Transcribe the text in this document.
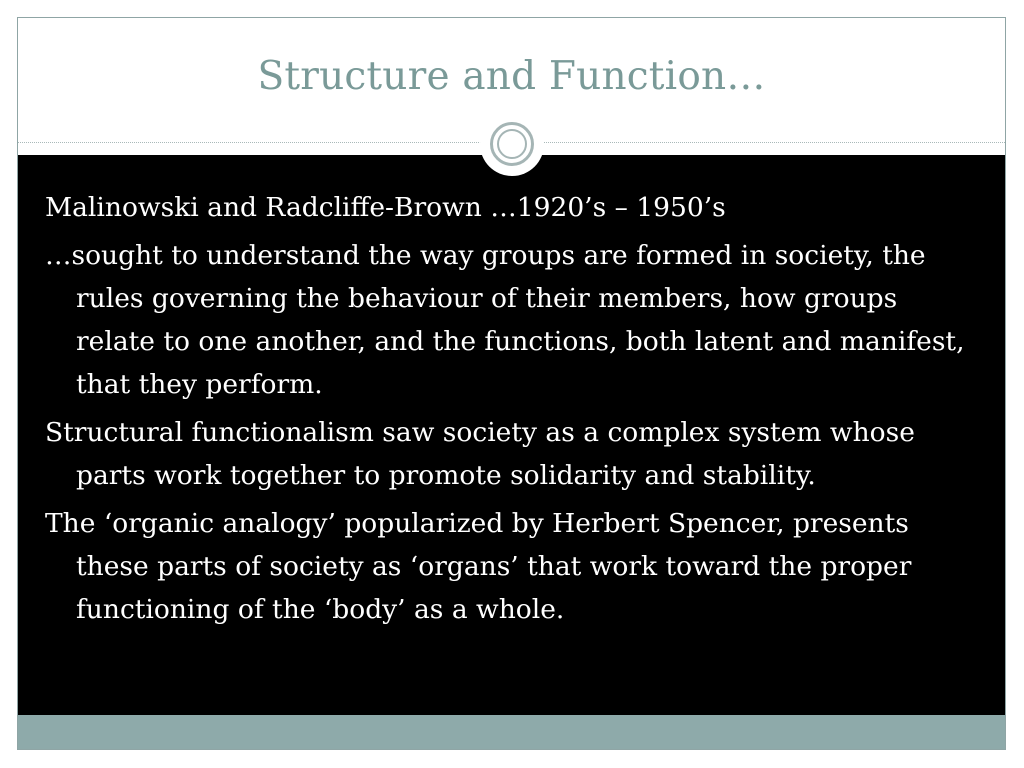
Structure and Function…
Malinowski and Radcliffe-Brown …1920’s – 1950’s
…sought to understand the way groups are formed in society, the rules governing the behaviour of their members, how groups relate to one another, and the functions, both latent and manifest, that they perform.
Structural functionalism saw society as a complex system whose parts work together to promote solidarity and stability.
The ‘organic analogy’ popularized by Herbert Spencer, presents these parts of society as ‘organs’ that work toward the proper functioning of the ‘body’ as a whole.
